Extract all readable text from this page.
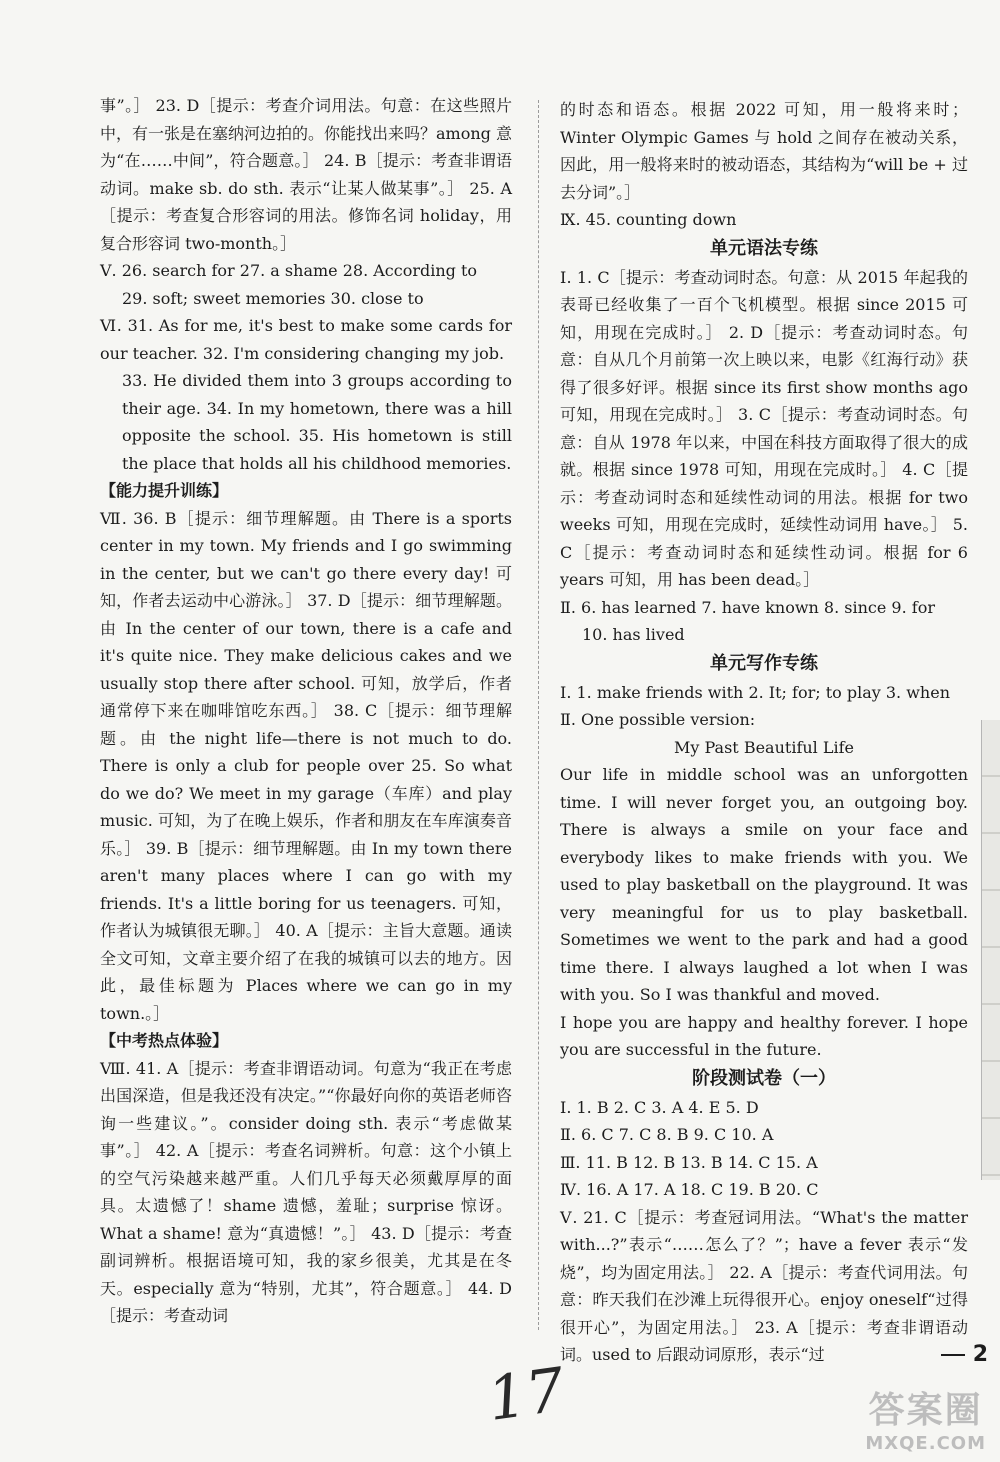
事”。］ 23. D［提示：考查介词用法。句意：在这些照片中，有一张是在塞纳河边拍的。你能找出来吗？among 意为“在……中间”，符合题意。］ 24. B［提示：考查非谓语动词。make sb. do sth. 表示“让某人做某事”。］ 25. A［提示：考查复合形容词的用法。修饰名词 holiday，用复合形容词 two-month。］

Ⅴ. 26. search for 27. a shame 28. According to

29. soft; sweet memories 30. close to

Ⅵ. 31. As for me, it's best to make some cards for our teacher. 32. I'm considering changing my job.

33. He divided them into 3 groups according to their age. 34. In my hometown, there was a hill opposite the school. 35. His hometown is still the place that holds all his childhood memories.

【能力提升训练】

Ⅶ. 36. B［提示：细节理解题。由 There is a sports center in my town. My friends and I go swimming in the center, but we can't go there every day! 可知，作者去运动中心游泳。］ 37. D［提示：细节理解题。由 In the center of our town, there is a cafe and it's quite nice. They make delicious cakes and we usually stop there after school. 可知，放学后，作者通常停下来在咖啡馆吃东西。］ 38. C［提示：细节理解题。由 the night life—there is not much to do. There is only a club for people over 25. So what do we do? We meet in my garage（车库）and play music. 可知，为了在晚上娱乐，作者和朋友在车库演奏音乐。］ 39. B［提示：细节理解题。由 In my town there aren't many places where I can go with my friends. It's a little boring for us teenagers. 可知，作者认为城镇很无聊。］ 40. A［提示：主旨大意题。通读全文可知，文章主要介绍了在我的城镇可以去的地方。因此，最佳标题为 Places where we can go in my town.。］

【中考热点体验】

Ⅷ. 41. A［提示：考查非谓语动词。句意为“我正在考虑出国深造，但是我还没有决定。”“你最好向你的英语老师咨询一些建议。”。consider doing sth. 表示“考虑做某事”。］ 42. A［提示：考查名词辨析。句意：这个小镇上的空气污染越来越严重。人们几乎每天必须戴厚厚的面具。太遗憾了！shame 遗憾，羞耻；surprise 惊讶。What a shame! 意为“真遗憾！”。］ 43. D［提示：考查副词辨析。根据语境可知，我的家乡很美，尤其是在冬天。especially 意为“特别，尤其”，符合题意。］ 44. D［提示：考查动词

的时态和语态。根据 2022 可知，用一般将来时；Winter Olympic Games 与 hold 之间存在被动关系，因此，用一般将来时的被动语态，其结构为“will be + 过去分词”。］

Ⅸ. 45. counting down

单元语法专练

Ⅰ. 1. C［提示：考查动词时态。句意：从 2015 年起我的表哥已经收集了一百个飞机模型。根据 since 2015 可知，用现在完成时。］ 2. D［提示：考查动词时态。句意：自从几个月前第一次上映以来，电影《红海行动》获得了很多好评。根据 since its first show months ago 可知，用现在完成时。］ 3. C［提示：考查动词时态。句意：自从 1978 年以来，中国在科技方面取得了很大的成就。根据 since 1978 可知，用现在完成时。］ 4. C［提示：考查动词时态和延续性动词的用法。根据 for two weeks 可知，用现在完成时，延续性动词用 have。］ 5. C［提示：考查动词时态和延续性动词。根据 for 6 years 可知，用 has been dead。］

Ⅱ. 6. has learned 7. have known 8. since 9. for

10. has lived

单元写作专练

Ⅰ. 1. make friends with 2. It; for; to play 3. when

Ⅱ. One possible version:

My Past Beautiful Life

Our life in middle school was an unforgotten time. I will never forget you, an outgoing boy. There is always a smile on your face and everybody likes to make friends with you. We used to play basketball on the playground. It was very meaningful for us to play basketball. Sometimes we went to the park and had a good time there. I always laughed a lot when I was with you. So I was thankful and moved.

I hope you are happy and healthy forever. I hope you are successful in the future.

阶段测试卷（一）

Ⅰ. 1. B 2. C 3. A 4. E 5. D

Ⅱ. 6. C 7. C 8. B 9. C 10. A

Ⅲ. 11. B 12. B 13. B 14. C 15. A

Ⅳ. 16. A 17. A 18. C 19. B 20. C

Ⅴ. 21. C［提示：考查冠词用法。“What's the matter with...?”表示“……怎么了？”；have a fever 表示“发烧”，均为固定用法。］ 22. A［提示：考查代词用法。句意：昨天我们在沙滩上玩得很开心。enjoy oneself“过得很开心”，为固定用法。］ 23. A［提示：考查非谓语动词。used to 后跟动词原形，表示“过

17
2
答案圈
MXQE.COM
